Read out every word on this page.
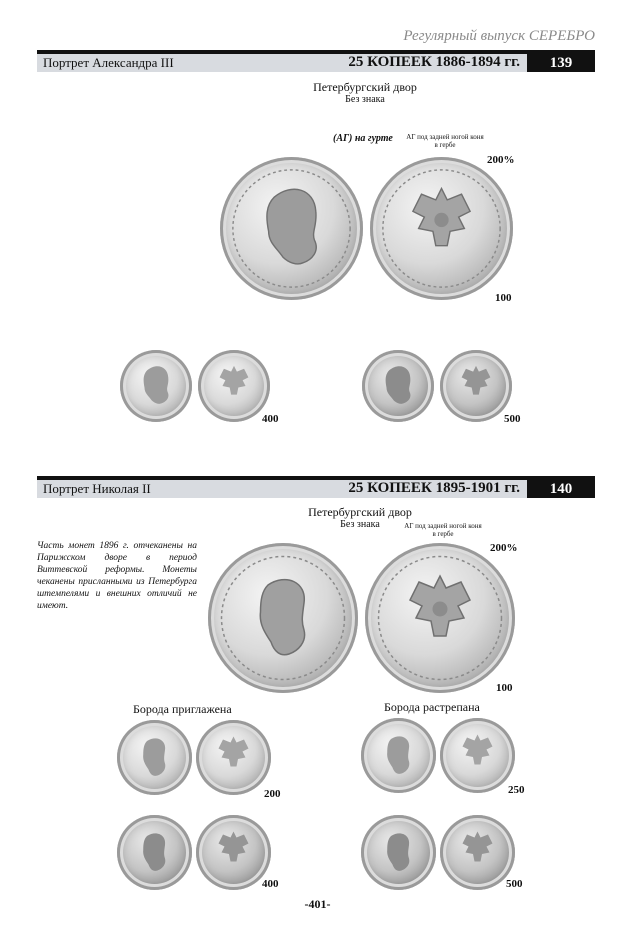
Регулярный выпуск СЕРЕБРО
Портрет Александра III	25 КОПЕЕК 1886-1894 гг.	139
Петербургский двор
Без знака
(АГ) на гурте АГ под задней ногой коня в гербе
200%
100
400	500
Портрет Николая II	25 КОПЕЕК 1895-1901 гг.	140
Петербургский двор
Без знака	АГ под задней ногой коня в гербе
200%
Часть монет 1896 г. отчеканены на Парижском дворе в период Виттевской реформы. Монеты чеканены присланными из Петербурга штемпелями и внешних отличий не имеют.
100
Борода приглажена	Борода растрепана
200	250
400	500
-401-
